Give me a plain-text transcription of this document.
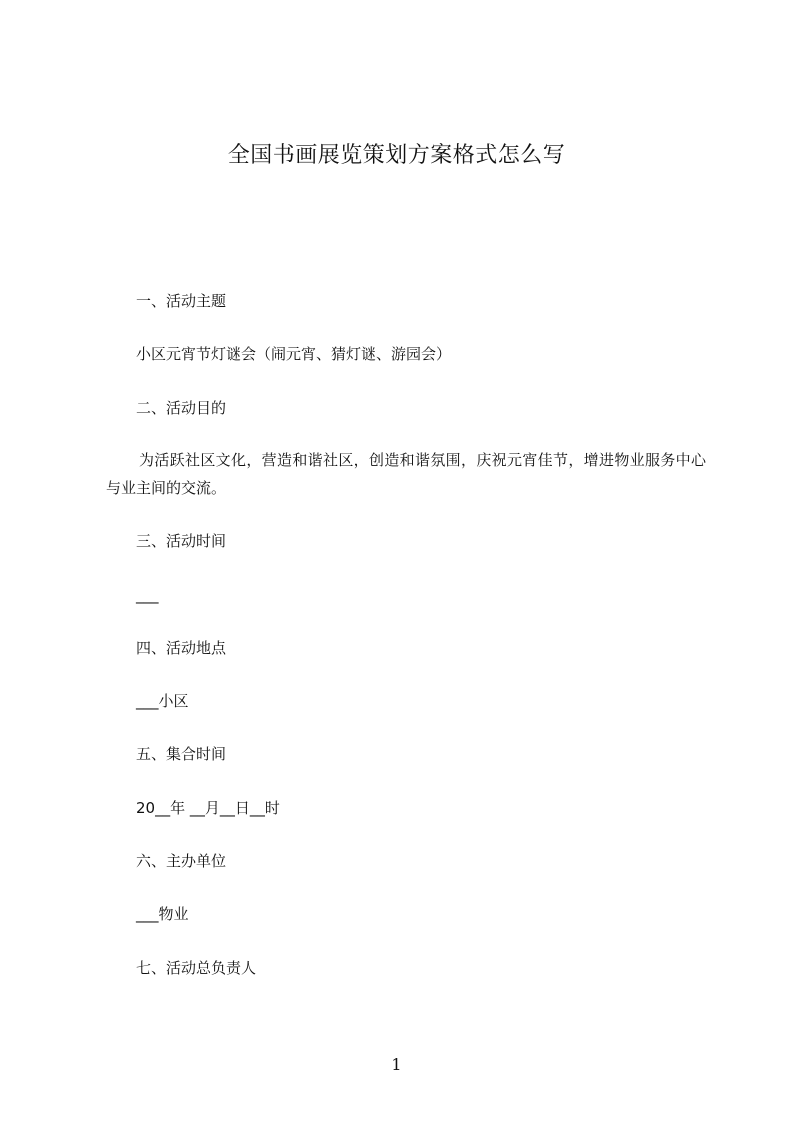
全国书画展览策划方案格式怎么写
一、活动主题
小区元宵节灯谜会（闹元宵、猜灯谜、游园会）
二、活动目的
为活跃社区文化，营造和谐社区，创造和谐氛围，庆祝元宵佳节，增进物业服务中心与业主间的交流。
三、活动时间
___
四、活动地点
___小区
五、集合时间
20__年 __月__日__时
六、主办单位
___物业
七、活动总负责人
1
